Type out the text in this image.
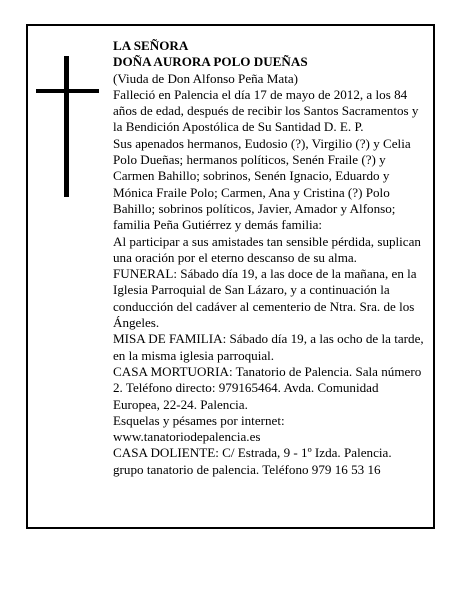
LA SEÑORA

DOÑA AURORA POLO DUEÑAS

(Viuda de Don Alfonso Peña Mata)

Falleció en Palencia el día 17 de mayo de 2012, a los 84 años de edad, después de recibir los Santos Sacramentos y la Bendición Apostólica de Su Santidad D. E. P.

Sus apenados hermanos, Eudosio (?), Virgilio (?) y Celia Polo Dueñas; hermanos políticos, Senén Fraile (?) y Carmen Bahillo; sobrinos, Senén Ignacio, Eduardo y Mónica Fraile Polo; Carmen, Ana y Cristina (?) Polo Bahillo; sobrinos políticos, Javier, Amador y Alfonso; familia Peña Gutiérrez y demás familia:

Al participar a sus amistades tan sensible pérdida, suplican una oración por el eterno descanso de su alma.

FUNERAL: Sábado día 19, a las doce de la mañana, en la Iglesia Parroquial de San Lázaro, y a continuación la conducción del cadáver al cementerio de Ntra. Sra. de los Ángeles.

MISA DE FAMILIA: Sábado día 19, a las ocho de la tarde, en la misma iglesia parroquial.

CASA MORTUORIA: Tanatorio de Palencia. Sala número 2. Teléfono directo: 979165464. Avda. Comunidad Europea, 22-24. Palencia.

Esquelas y pésames por internet:

www.tanatoriodepalencia.es

CASA DOLIENTE: C/ Estrada, 9 - 1º Izda. Palencia. grupo tanatorio de palencia. Teléfono 979 16 53 16
